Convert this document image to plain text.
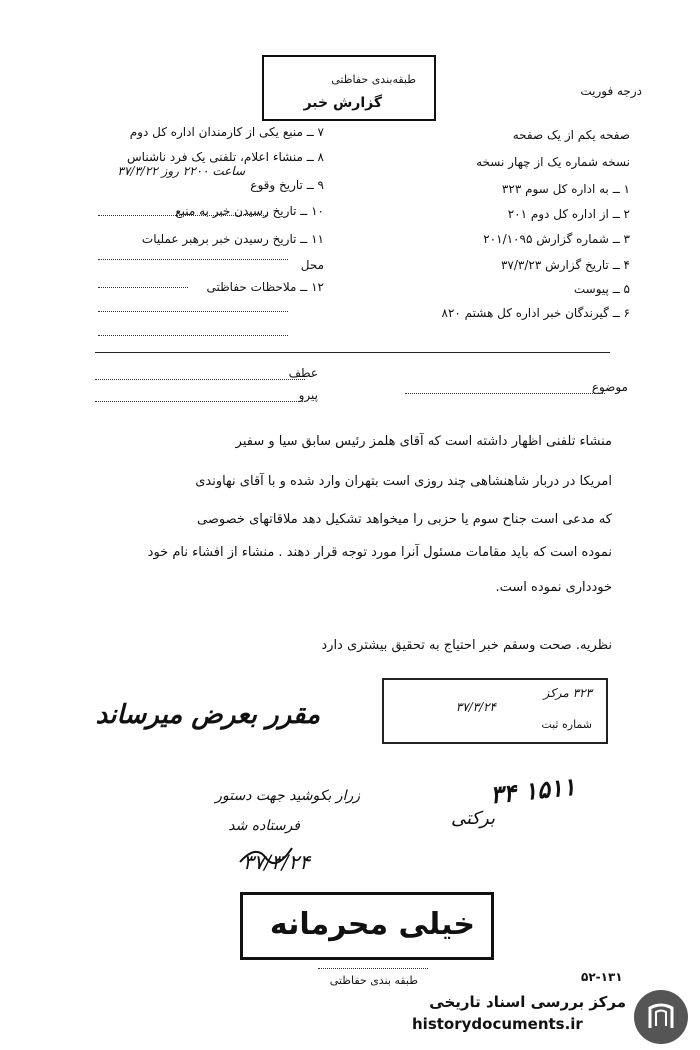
درجه فوریت
طبقه‌بندی حفاظتی
گزارش خبر
۷ ــ منبع یکی از کارمندان اداره کل دوم
۸ ــ منشاء اعلام، تلفنی یک فرد ناشناس
۹ ــ تاریخ وقوع
ساعت ۲۲۰۰ روز ۳۷/۳/۲۲
۱۰ ــ تاریخ رسیدن خبر به منبع
۱۱ ــ تاریخ رسیدن خبر برهبر عملیات
محل
۱۲ ــ ملاحظات حفاظتی
صفحه یکم از یک صفحه
نسخه شماره یک از چهار نسخه
۱ ــ به اداره کل سوم ۳۲۳
۲ ــ از اداره کل دوم ۲۰۱
۳ ــ شماره گزارش ۲۰۱/۱۰۹۵
۴ ــ تاریخ گزارش ۳۷/۳/۲۳
۵ ــ پیوست
۶ ــ گیرندگان خبر اداره کل هشتم ۸۲۰
عطف
پیرو
موضوع
منشاء تلفنی اظهار داشته است که آقای هلمز رئیس سابق سیا و سفیر
امریکا در دربار شاهنشاهی چند روزی است بتهران وارد شده و با آقای نهاوندی
که مدعی است جناح سوم یا حزبی را میخواهد تشکیل دهد ملاقاتهای خصوصی
نموده است که باید مقامات مسئول آنرا مورد توجه قرار دهند . منشاء از افشاء نام خود
خودداری نموده است.
نظریه. صحت وسقم خبر احتیاج به تحقیق بیشتری دارد
مقرر بعرض میرساند
۳۲۳ مرکز
۳۷/۳/۲۴
شماره ثبت
زرار بکوشید جهت دستور
فرستاده شد
۳۷/۳/۲۴
برکتی
۳۴ ۱۵۱۱
خیلی محرمانه
طبقه بندی حفاظتی	۵۲-۱۳۱
مرکز بررسی اسناد تاریخی
historydocuments.ir
